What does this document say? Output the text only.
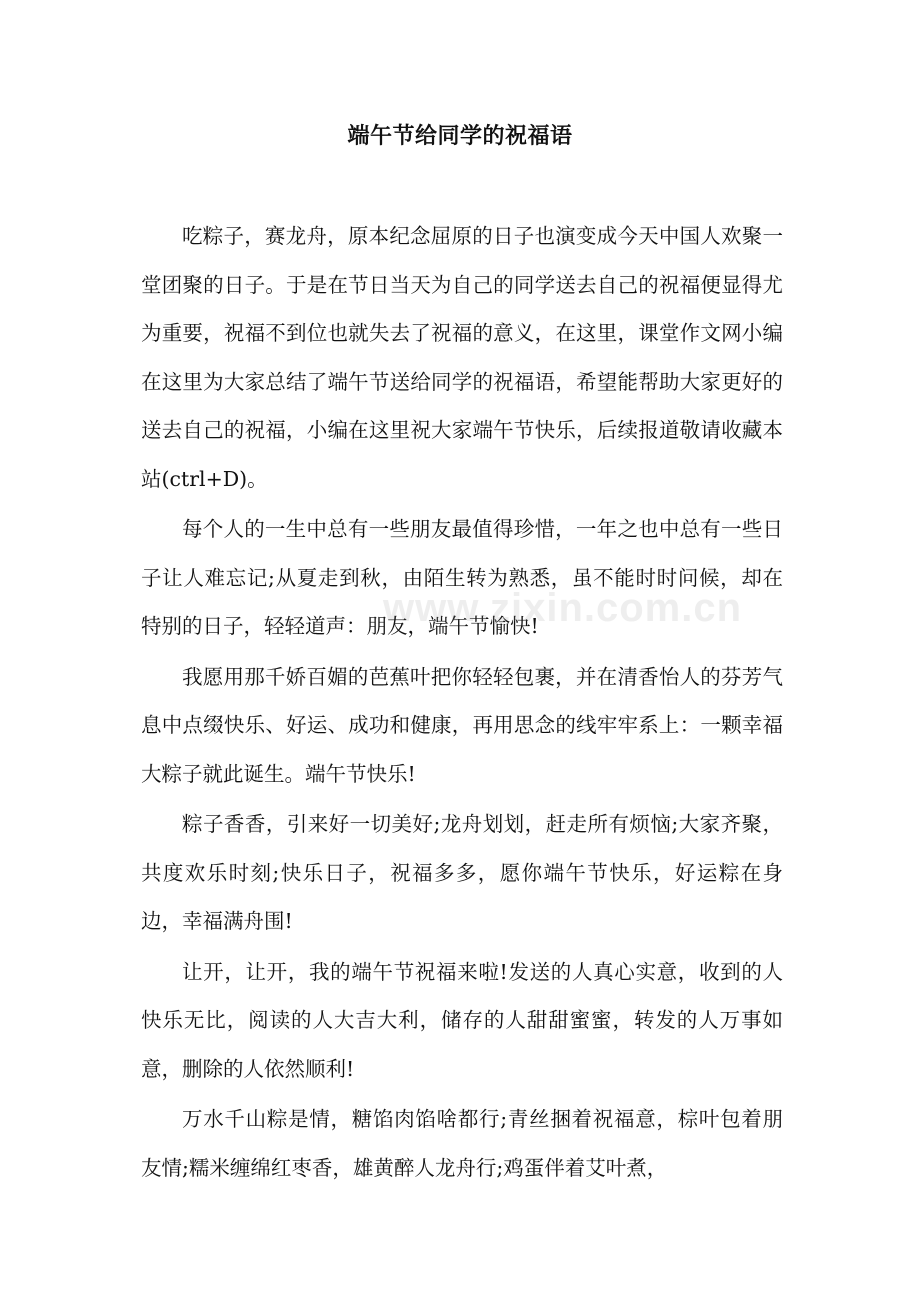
端午节给同学的祝福语

吃粽子，赛龙舟，原本纪念屈原的日子也演变成今天中国人欢聚一堂团聚的日子。于是在节日当天为自己的同学送去自己的祝福便显得尤为重要，祝福不到位也就失去了祝福的意义，在这里，课堂作文网小编在这里为大家总结了端午节送给同学的祝福语，希望能帮助大家更好的送去自己的祝福，小编在这里祝大家端午节快乐，后续报道敬请收藏本站(ctrl+D)。

每个人的一生中总有一些朋友最值得珍惜，一年之也中总有一些日子让人难忘记;从夏走到秋，由陌生转为熟悉，虽不能时时问候，却在特别的日子，轻轻道声：朋友，端午节愉快!

我愿用那千娇百媚的芭蕉叶把你轻轻包裹，并在清香怡人的芬芳气息中点缀快乐、好运、成功和健康，再用思念的线牢牢系上：一颗幸福大粽子就此诞生。端午节快乐!

粽子香香，引来好一切美好;龙舟划划，赶走所有烦恼;大家齐聚，共度欢乐时刻;快乐日子，祝福多多，愿你端午节快乐，好运粽在身边，幸福满舟围!

让开，让开，我的端午节祝福来啦!发送的人真心实意，收到的人快乐无比，阅读的人大吉大利，储存的人甜甜蜜蜜，转发的人万事如意，删除的人依然顺利!

万水千山粽是情，糖馅肉馅啥都行;青丝捆着祝福意，棕叶包着朋友情;糯米缠绵红枣香，雄黄醉人龙舟行;鸡蛋伴着艾叶煮，

www.zixin.com.cn
